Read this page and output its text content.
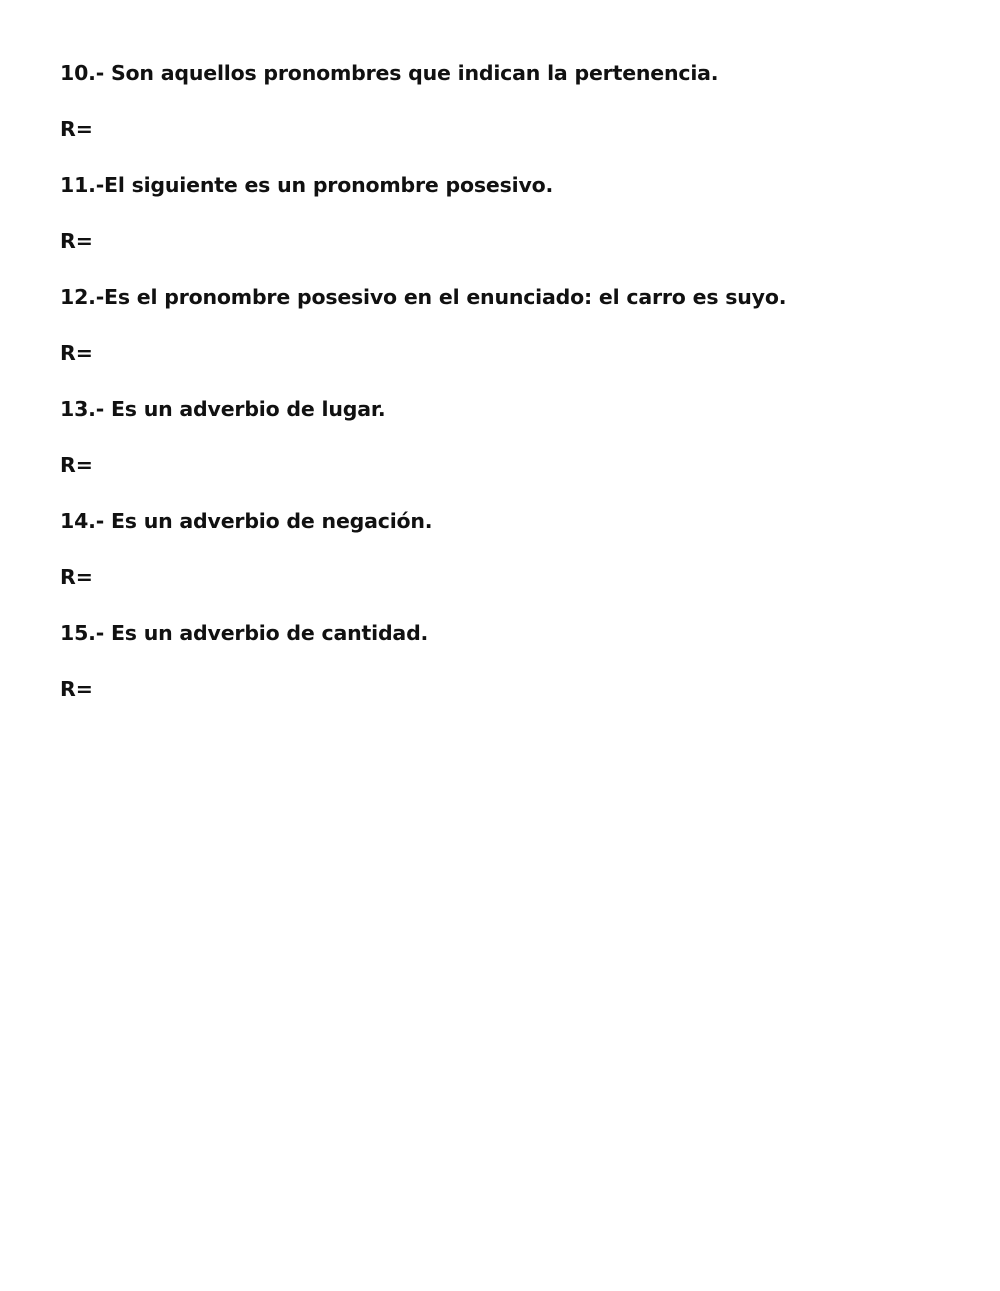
10.- Son aquellos pronombres que indican la pertenencia.

R=

11.-El siguiente es un pronombre posesivo.

R=

12.-Es el pronombre posesivo en el enunciado: el carro es suyo.

R=

13.- Es un adverbio de lugar.

R=

14.- Es un adverbio de negación.

R=

15.- Es un adverbio de cantidad.

R=
